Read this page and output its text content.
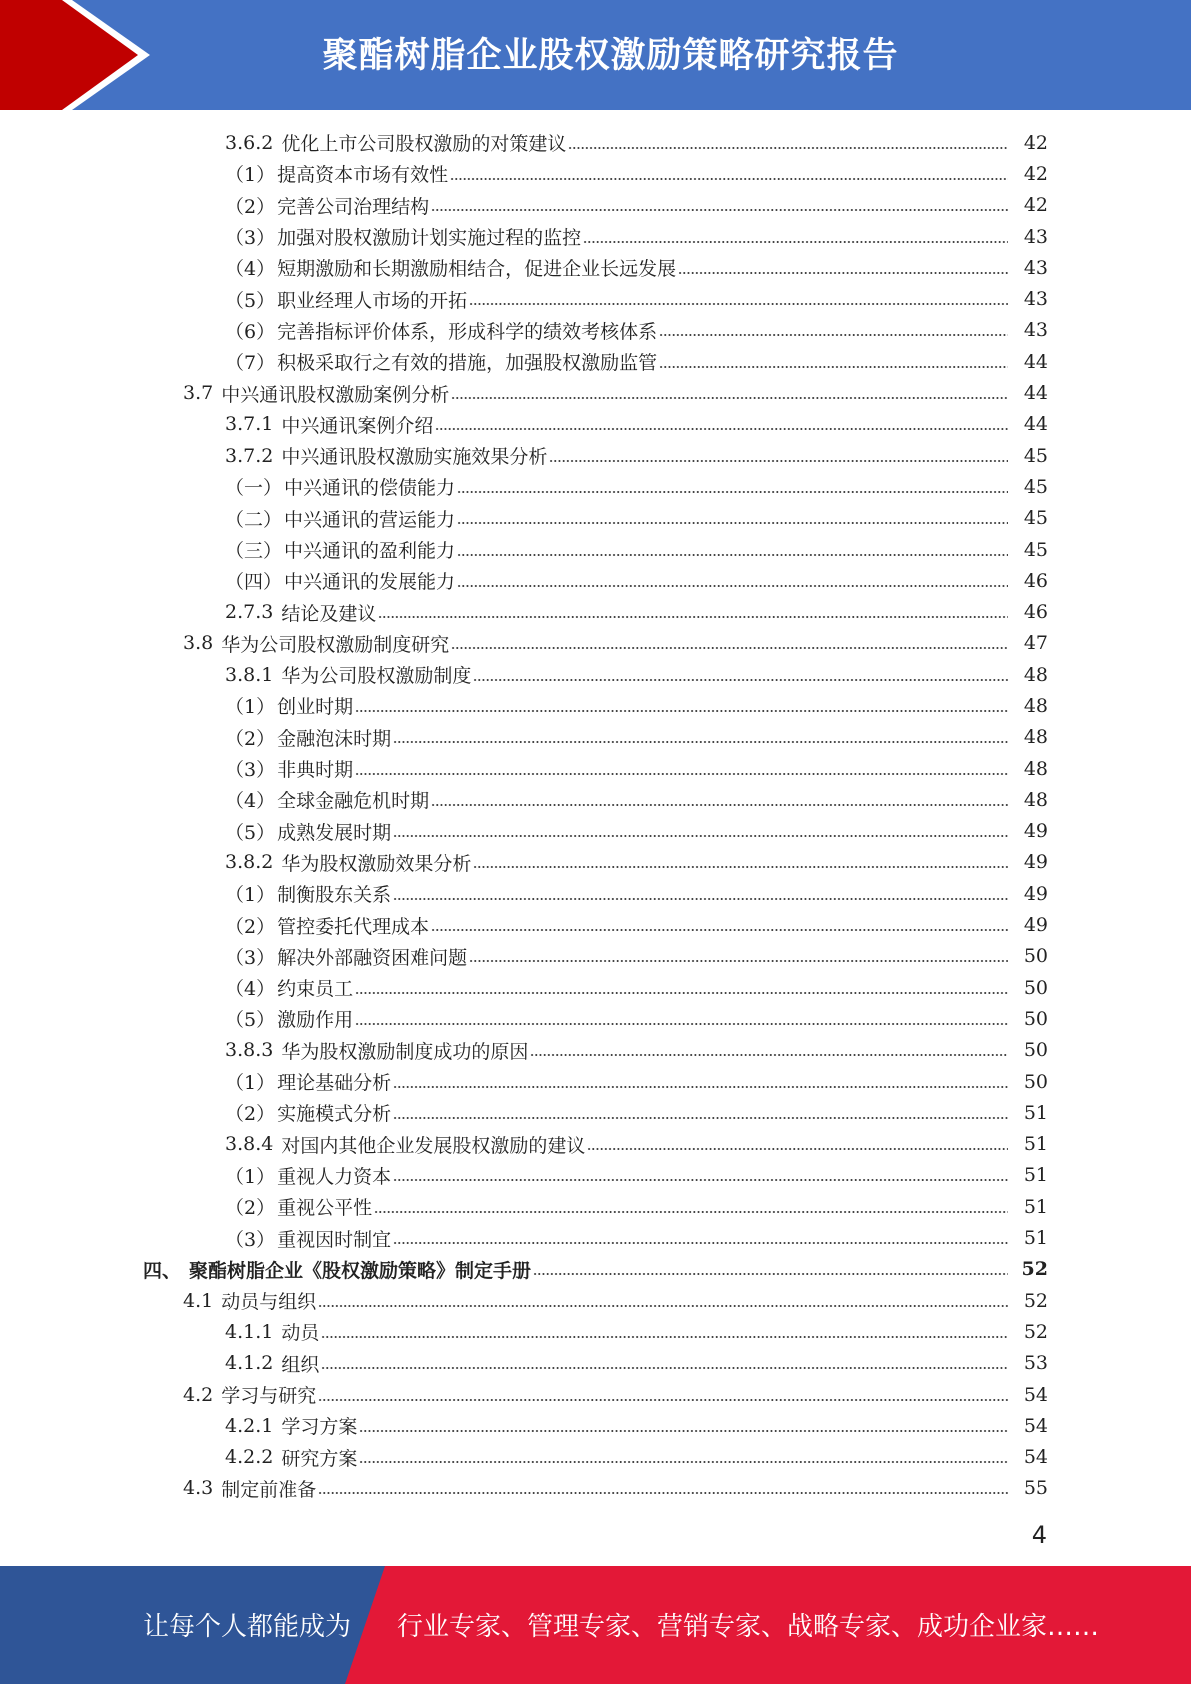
聚酯树脂企业股权激励策略研究报告
3.6.2 优化上市公司股权激励的对策建议	42
（1） 提高资本市场有效性	42
（2） 完善公司治理结构	42
（3） 加强对股权激励计划实施过程的监控	43
（4） 短期激励和长期激励相结合，促进企业长远发展	43
（5） 职业经理人市场的开拓	43
（6） 完善指标评价体系，形成科学的绩效考核体系	43
（7） 积极采取行之有效的措施，加强股权激励监管	44
3.7 中兴通讯股权激励案例分析	44
3.7.1 中兴通讯案例介绍	44
3.7.2 中兴通讯股权激励实施效果分析	45
（一） 中兴通讯的偿债能力	45
（二） 中兴通讯的营运能力	45
（三） 中兴通讯的盈利能力	45
（四） 中兴通讯的发展能力	46
2.7.3 结论及建议	46
3.8 华为公司股权激励制度研究	47
3.8.1 华为公司股权激励制度	48
（1） 创业时期	48
（2） 金融泡沫时期	48
（3） 非典时期	48
（4） 全球金融危机时期	48
（5） 成熟发展时期	49
3.8.2 华为股权激励效果分析	49
（1） 制衡股东关系	49
（2） 管控委托代理成本	49
（3） 解决外部融资困难问题	50
（4） 约束员工	50
（5） 激励作用	50
3.8.3 华为股权激励制度成功的原因	50
（1） 理论基础分析	50
（2） 实施模式分析	51
3.8.4 对国内其他企业发展股权激励的建议	51
（1） 重视人力资本	51
（2） 重视公平性	51
（3） 重视因时制宜	51
四、 聚酯树脂企业《股权激励策略》制定手册	52
4.1 动员与组织	52
4.1.1 动员	52
4.1.2 组织	53
4.2 学习与研究	54
4.2.1 学习方案	54
4.2.2 研究方案	54
4.3 制定前准备	55
4
让每个人都能成为 行业专家、管理专家、营销专家、战略专家、成功企业家……
